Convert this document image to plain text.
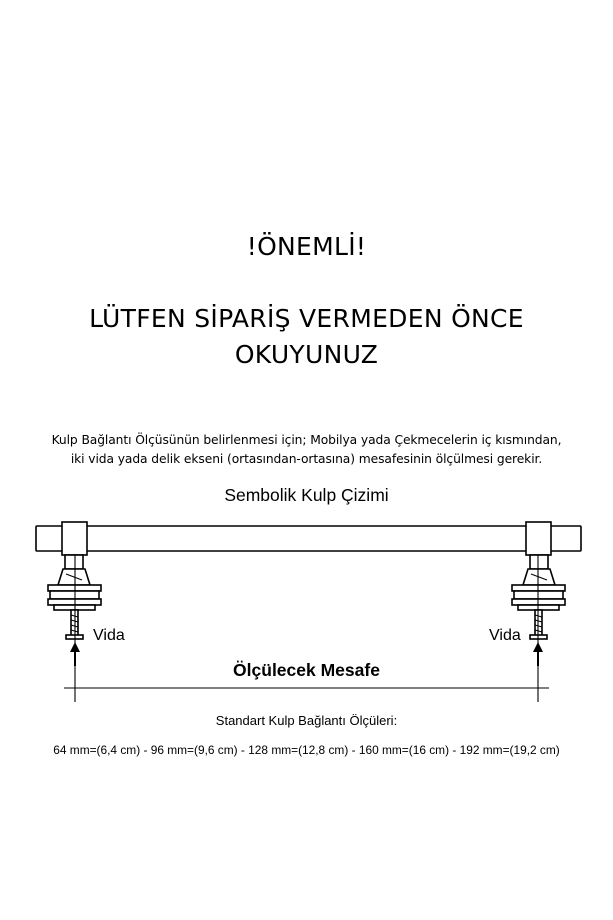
!ÖNEMLİ!
LÜTFEN SİPARİŞ VERMEDEN ÖNCE
OKUYUNUZ
Kulp Bağlantı Ölçüsünün belirlenmesi için; Mobilya yada Çekmecelerin iç kısmından,
iki vida yada delik ekseni (ortasından-ortasına) mesafesinin ölçülmesi gerekir.
Sembolik Kulp Çizimi
Vida	Vida
Ölçülecek Mesafe
Standart Kulp Bağlantı Ölçüleri:
64 mm=(6,4 cm) - 96 mm=(9,6 cm) - 128 mm=(12,8 cm) - 160 mm=(16 cm) - 192 mm=(19,2 cm)
